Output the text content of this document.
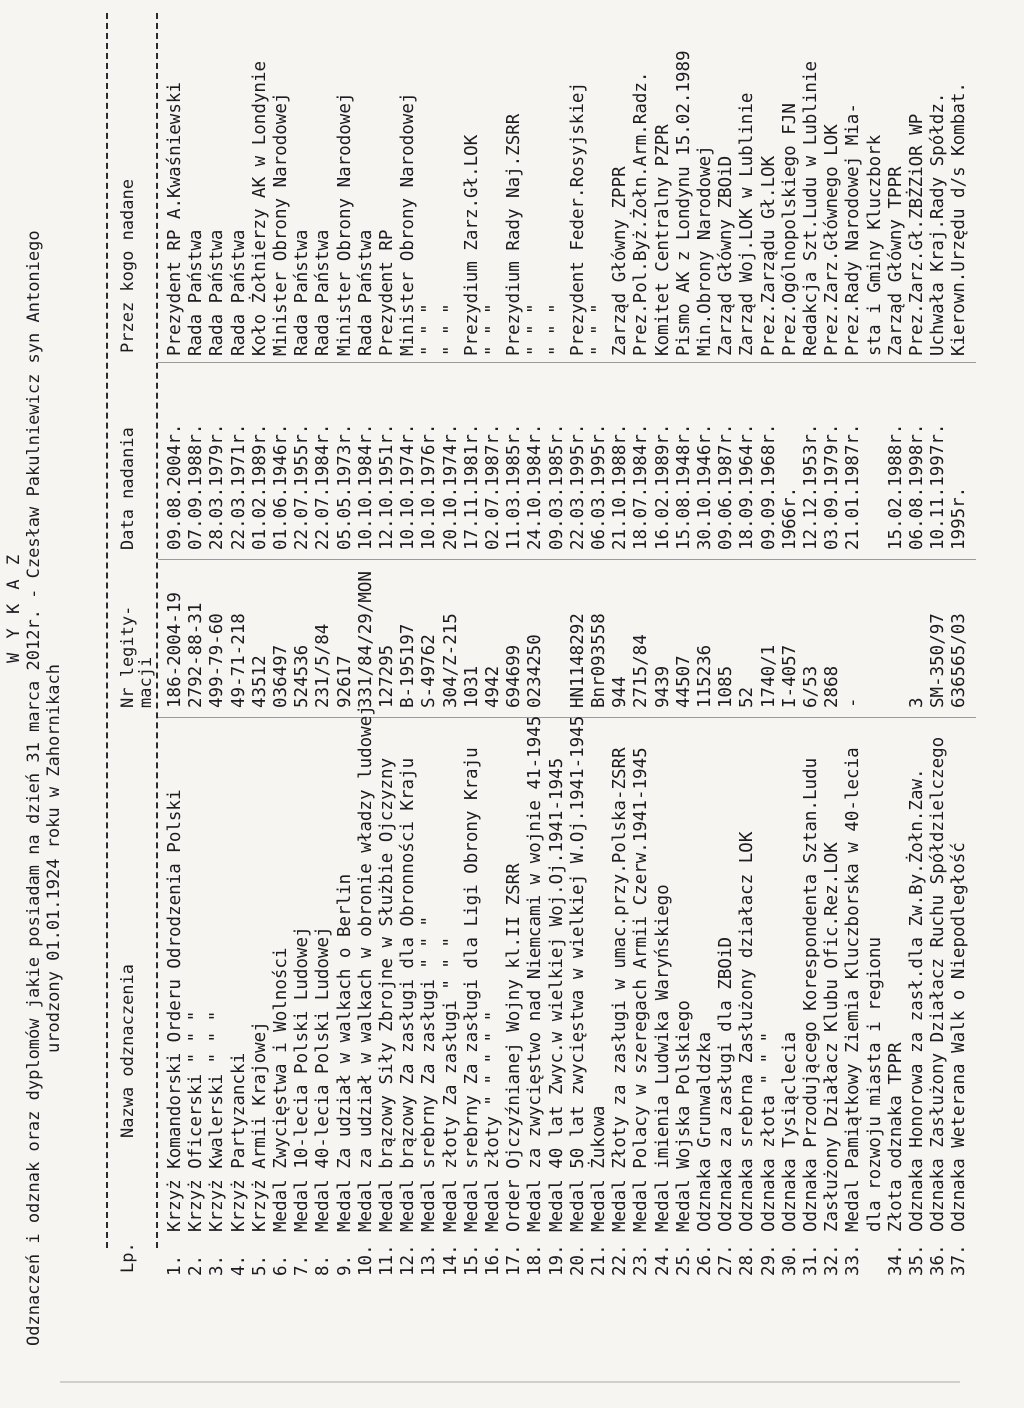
W Y K A Z Odznaczeń i odznak oraz dyplomów jakie posiadam na dzień 31 marca 2012r. - Czesław Pakulniewicz syn Antoniego urodzony 01.01.1924 roku w Zahornikach
Lp.
Nazwa odznaczenia
Nr legity-
macji
Data nadania
Przez kogo nadane
1.
Krzyż Komandorski Orderu Odrodzenia Polski
186-2004-19
09.08.2004r.
Prezydent RP A.Kwaśniewski
2.
Krzyż Oficerski " " "
2792-88-31
07.09.1988r.
Rada Państwa
3.
Krzyż Kwalerski " " "
499-79-60
28.03.1979r.
Rada Państwa
4.
Krzyż Partyzancki
49-71-218
22.03.1971r.
Rada Państwa
5.
Krzyż Armii Krajowej
43512
01.02.1989r.
Koło Żołnierzy AK w Londynie
6.
Medal Zwycięstwa i Wolności
036497
01.06.1946r.
Minister Obrony Narodowej
7.
Medal 10-lecia Polski Ludowej
524536
22.07.1955r.
Rada Państwa
8.
Medal 40-lecia Polski Ludowej
231/5/84
22.07.1984r.
Rada Państwa
9.
Medal Za udział w walkach o Berlin
92617
05.05.1973r.
Minister Obrony Narodowej
10.
Medal za udział w walkach w obronie władzy ludowej
331/84/29/MON
10.10.1984r.
Rada Państwa
11.
Medal brązowy Siły Zbrojne w Służbie Ojczyzny
127295
12.10.1951r.
Prezydent RP
12.
Medal brązowy Za zasługi dla Obronności Kraju
B-195197
10.10.1974r.
Minister Obrony Narodowej
13.
Medal srebrny Za zasługi " " "
S-49762
10.10.1976r.
" " "
14.
Medal złoty Za zasługi " " "
304/Z-215
20.10.1974r.
" " "
15.
Medal srebrny Za zasługi dla Ligi Obrony Kraju
1031
17.11.1981r.
Prezydium Zarz.Gł.LOK
16.
Medal złoty " " " " "
4942
02.07.1987r.
" " "
17.
Order Ojczyźnianej Wojny kl.II ZSRR
694699
11.03.1985r.
Prezydium Rady Naj.ZSRR
18.
Medal za zwycięstwo nad Niemcami w wojnie 41-1945
0234250
24.10.1984r.
" " "
19.
Medal 40 lat Zwyc.w wielkiej Woj.Oj.1941-1945
09.03.1985r.
" " "
20.
Medal 50 lat zwycięstwa w wielkiej W.Oj.1941-1945
HN1148292
22.03.1995r.
Prezydent Feder.Rosyjskiej
21.
Medal Żukowa
Bnr093558
06.03.1995r.
" " "
22.
Medal Złoty za zasługi w umac.przy.Polska-ZSRR
944
21.10.1988r.
Zarząd Główny ZPPR
23.
Medal Polacy w szeregach Armii Czerw.1941-1945
2715/84
18.07.1984r.
Prez.Pol.Byż.Żołn.Arm.Radz.
24.
Medal imienia Ludwika Waryńskiego
9439
16.02.1989r.
Komitet Centralny PZPR
25.
Medal Wojska Polskiego
44507
15.08.1948r.
Pismo AK z Londynu 15.02.1989
26.
Odznaka Grunwaldzka
115236
30.10.1946r.
Min.Obrony Narodowej
27.
Odznaka za zasługi dla ZBOiD
1085
09.06.1987r.
Zarząd Główny ZBOiD
28.
Odznaka srebrna Zasłużony działacz LOK
52
18.09.1964r.
Zarząd Woj.LOK w Lublinie
29.
Odznaka złota " " "
1740/1
09.09.1968r.
Prez.Zarządu Gł.LOK
30.
Odznaka Tysiąclecia
I-4057
1966r.
Prez.Ogólnopolskiego FJN
31.
Odznaka Przodującego Korespondenta Sztan.Ludu
6/53
12.12.1953r.
Redakcja Szt.Ludu w Lublinie
32.
Zasłużony Działacz Klubu Ofic.Rez.LOK
2868
03.09.1979r.
Prez.Zarz.Głównego LOK
33.
Medal Pamiątkowy Ziemia Kluczborska w 40-lecia
-
21.01.1987r.
Prez.Rady Narodowej Mia-
dla rozwoju miasta i regionu
sta i Gminy Kluczbork
34.
Złota odznaka TPPR
15.02.1988r.
Zarząd Główny TPPR
35.
Odznaka Honorowa za zasł.dla Zw.By.Żołn.Zaw.
3
06.08.1998r.
Prez.Zarz.Gł.ZBŻZiOR WP
36.
Odznaka Zasłużony Działacz Ruchu Spółdzielczego
SM-350/97
10.11.1997r.
Uchwała Kraj.Rady Spółdz.
37.
Odznaka Weterana Walk o Niepodległość
636565/03
1995r.
Kierown.Urzędu d/s Kombat.
